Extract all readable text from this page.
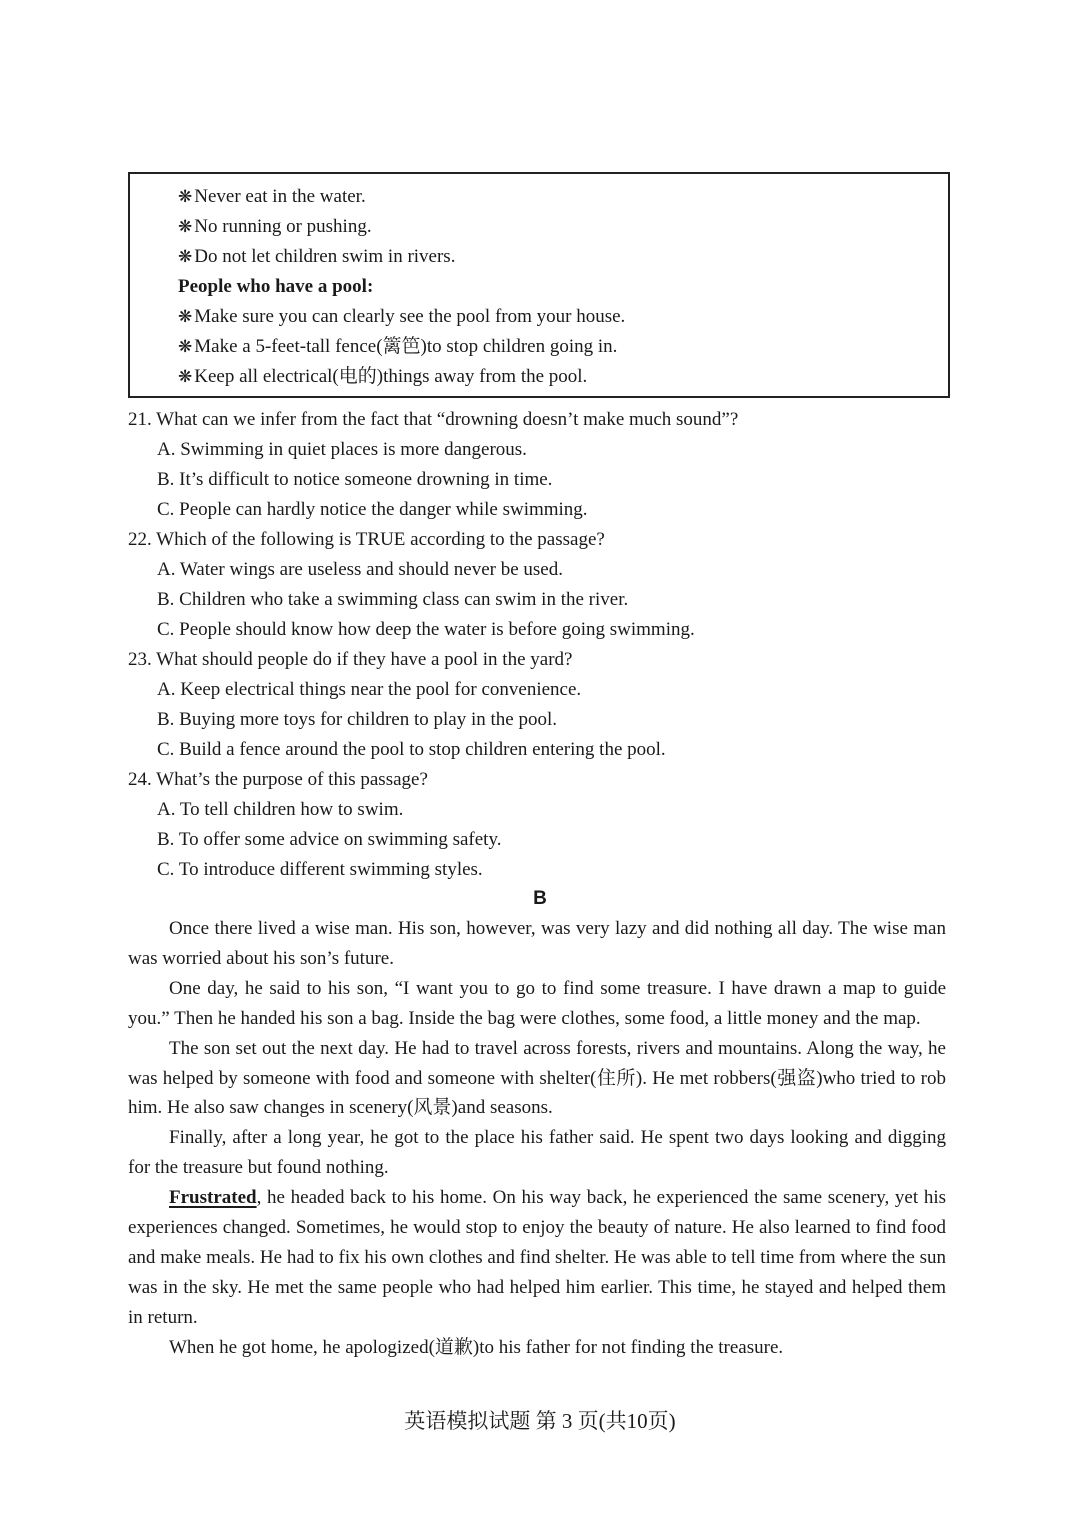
❋ Never eat in the water.
❋ No running or pushing.
❋ Do not let children swim in rivers.
People who have a pool:
❋ Make sure you can clearly see the pool from your house.
❋ Make a 5-feet-tall fence(篱笆)to stop children going in.
❋ Keep all electrical(电的)things away from the pool.
21. What can we infer from the fact that “drowning doesn’t make much sound”?
A. Swimming in quiet places is more dangerous.
B. It’s difficult to notice someone drowning in time.
C. People can hardly notice the danger while swimming.
22. Which of the following is TRUE according to the passage?
A. Water wings are useless and should never be used.
B. Children who take a swimming class can swim in the river.
C. People should know how deep the water is before going swimming.
23. What should people do if they have a pool in the yard?
A. Keep electrical things near the pool for convenience.
B. Buying more toys for children to play in the pool.
C. Build a fence around the pool to stop children entering the pool.
24. What’s the purpose of this passage?
A. To tell children how to swim.
B. To offer some advice on swimming safety.
C. To introduce different swimming styles.
B

Once there lived a wise man. His son, however, was very lazy and did nothing all day. The wise man was worried about his son’s future.

One day, he said to his son, “I want you to go to find some treasure. I have drawn a map to guide you.” Then he handed his son a bag. Inside the bag were clothes, some food, a little money and the map.

The son set out the next day. He had to travel across forests, rivers and mountains. Along the way, he was helped by someone with food and someone with shelter(住所). He met robbers(强盗)who tried to rob him. He also saw changes in scenery(风景)and seasons.

Finally, after a long year, he got to the place his father said. He spent two days looking and digging for the treasure but found nothing.

Frustrated, he headed back to his home. On his way back, he experienced the same scenery, yet his experiences changed. Sometimes, he would stop to enjoy the beauty of nature. He also learned to find food and make meals. He had to fix his own clothes and find shelter. He was able to tell time from where the sun was in the sky. He met the same people who had helped him earlier. This time, he stayed and helped them in return.

When he got home, he apologized(道歉)to his father for not finding the treasure.

英语模拟试题 第 3 页(共10页)
